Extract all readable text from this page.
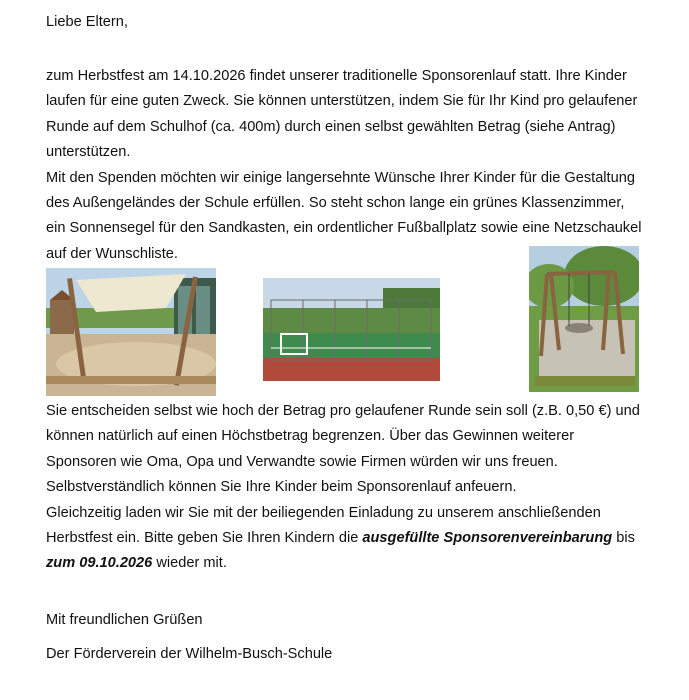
Liebe Eltern,
zum Herbstfest am 14.10.2026 findet unserer traditionelle Sponsorenlauf statt. Ihre Kinder
laufen für eine guten Zweck. Sie können unterstützen, indem Sie für Ihr Kind pro gelaufener
Runde auf dem Schulhof (ca. 400m) durch einen selbst gewählten Betrag (siehe Antrag)
unterstützen.
Mit den Spenden möchten wir einige langersehnte Wünsche Ihrer Kinder für die Gestaltung
des Außengeländes der Schule erfüllen. So steht schon lange ein grünes Klassenzimmer,
ein Sonnensegel für den Sandkasten, ein ordentlicher Fußballplatz sowie eine Netzschaukel
auf der Wunschliste.
Sie entscheiden selbst wie hoch der Betrag pro gelaufener Runde sein soll (z.B. 0,50 €) und
können natürlich auf einen Höchstbetrag begrenzen. Über das Gewinnen weiterer
Sponsoren wie Oma, Opa und Verwandte sowie Firmen würden wir uns freuen.
Selbstverständlich können Sie Ihre Kinder beim Sponsorenlauf anfeuern.
Gleichzeitig laden wir Sie mit der beiliegenden Einladung zu unserem anschließenden
Herbstfest ein. Bitte geben Sie Ihren Kindern die ausgefüllte Sponsorenvereinbarung bis
zum 09.10.2026 wieder mit.
Mit freundlichen Grüßen
Der Förderverein der Wilhelm-Busch-Schule
